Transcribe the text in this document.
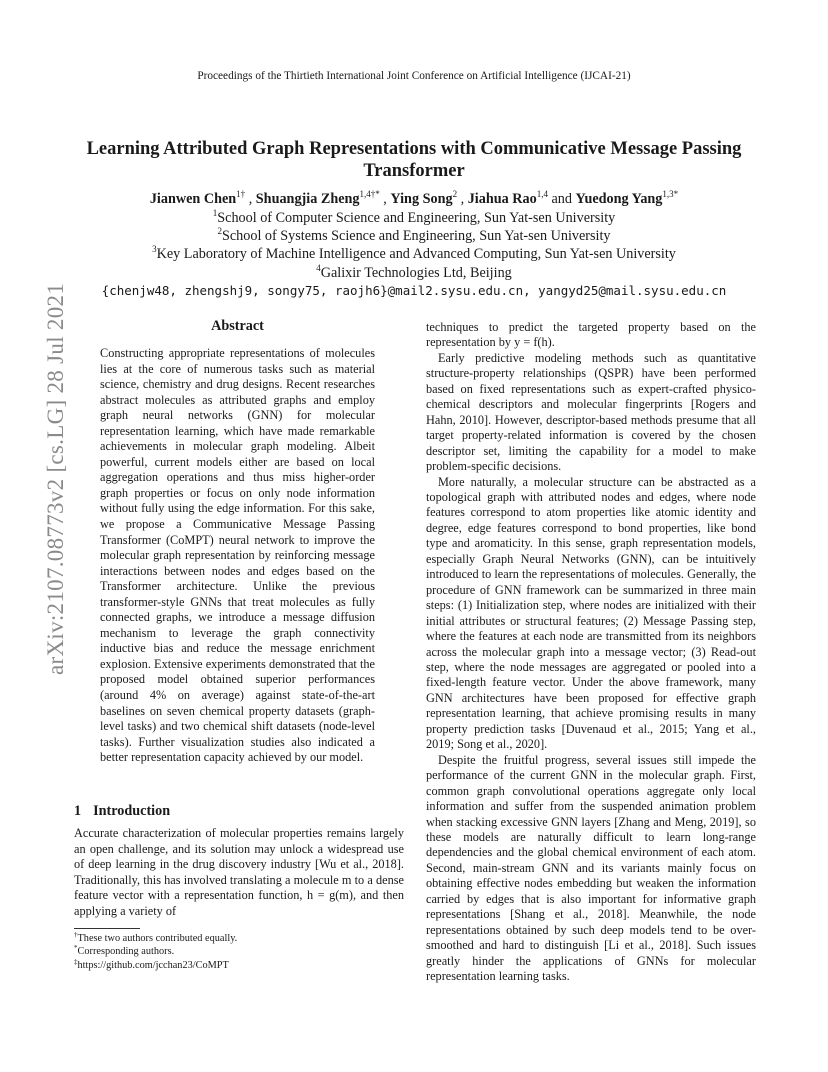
Proceedings of the Thirtieth International Joint Conference on Artificial Intelligence (IJCAI-21)
arXiv:2107.08773v2 [cs.LG] 28 Jul 2021
Learning Attributed Graph Representations with Communicative Message Passing Transformer
Jianwen Chen$^{1\dagger}$ , Shuangjia Zheng$^{1,4\dagger*}$ , Ying Song$^2$ , Jiahua Rao$^{1,4}$ and Yuedong Yang$^{1,3*}$
$^1$School of Computer Science and Engineering, Sun Yat-sen University
$^2$School of Systems Science and Engineering, Sun Yat-sen University
$^3$Key Laboratory of Machine Intelligence and Advanced Computing, Sun Yat-sen University
$^4$Galixir Technologies Ltd, Beijing
{chenjw48, zhengshj9, songy75, raojh6}@mail2.sysu.edu.cn, yangyd25@mail.sysu.edu.cn
Abstract
Constructing appropriate representations of molecules lies at the core of numerous tasks such as material science, chemistry and drug designs. Recent researches abstract molecules as attributed graphs and employ graph neural networks (GNN) for molecular representation learning, which have made remarkable achievements in molecular graph modeling. Albeit powerful, current models either are based on local aggregation operations and thus miss higher-order graph properties or focus on only node information without fully using the edge information. For this sake, we propose a Communicative Message Passing Transformer (CoMPT) neural network to improve the molecular graph representation by reinforcing message interactions between nodes and edges based on the Transformer architecture. Unlike the previous transformer-style GNNs that treat molecules as fully connected graphs, we introduce a message diffusion mechanism to leverage the graph connectivity inductive bias and reduce the message enrichment explosion. Extensive experiments demonstrated that the proposed model obtained superior performances (around 4% on average) against state-of-the-art baselines on seven chemical property datasets (graph-level tasks) and two chemical shift datasets (node-level tasks). Further visualization studies also indicated a better representation capacity achieved by our model.
1 Introduction
Accurate characterization of molecular properties remains largely an open challenge, and its solution may unlock a widespread use of deep learning in the drug discovery industry [Wu et al., 2018]. Traditionally, this has involved translating a molecule m to a dense feature vector with a representation function, h = g(m), and then applying a variety of

techniques to predict the targeted property based on the representation by y = f(h).

Early predictive modeling methods such as quantitative structure-property relationships (QSPR) have been performed based on fixed representations such as expert-crafted physico-chemical descriptors and molecular fingerprints [Rogers and Hahn, 2010]. However, descriptor-based methods presume that all target property-related information is covered by the chosen descriptor set, limiting the capability for a model to make problem-specific decisions.

More naturally, a molecular structure can be abstracted as a topological graph with attributed nodes and edges, where node features correspond to atom properties like atomic identity and degree, edge features correspond to bond properties, like bond type and aromaticity. In this sense, graph representation models, especially Graph Neural Networks (GNN), can be intuitively introduced to learn the representations of molecules. Generally, the procedure of GNN framework can be summarized in three main steps: (1) Initialization step, where nodes are initialized with their initial attributes or structural features; (2) Message Passing step, where the features at each node are transmitted from its neighbors across the molecular graph into a message vector; (3) Read-out step, where the node messages are aggregated or pooled into a fixed-length feature vector. Under the above framework, many GNN architectures have been proposed for effective graph representation learning, that achieve promising results in many property prediction tasks [Duvenaud et al., 2015; Yang et al., 2019; Song et al., 2020].

Despite the fruitful progress, several issues still impede the performance of the current GNN in the molecular graph. First, common graph convolutional operations aggregate only local information and suffer from the suspended animation problem when stacking excessive GNN layers [Zhang and Meng, 2019], so these models are naturally difficult to learn long-range dependencies and the global chemical environment of each atom. Second, main-stream GNN and its variants mainly focus on obtaining effective nodes embedding but weaken the information carried by edges that is also important for informative graph representations [Shang et al., 2018]. Meanwhile, the node representations obtained by such deep models tend to be over-smoothed and hard to distinguish [Li et al., 2018]. Such issues greatly hinder the applications of GNNs for molecular representation learning tasks.

†These two authors contributed equally.
*Corresponding authors.
‡https://github.com/jcchan23/CoMPT
